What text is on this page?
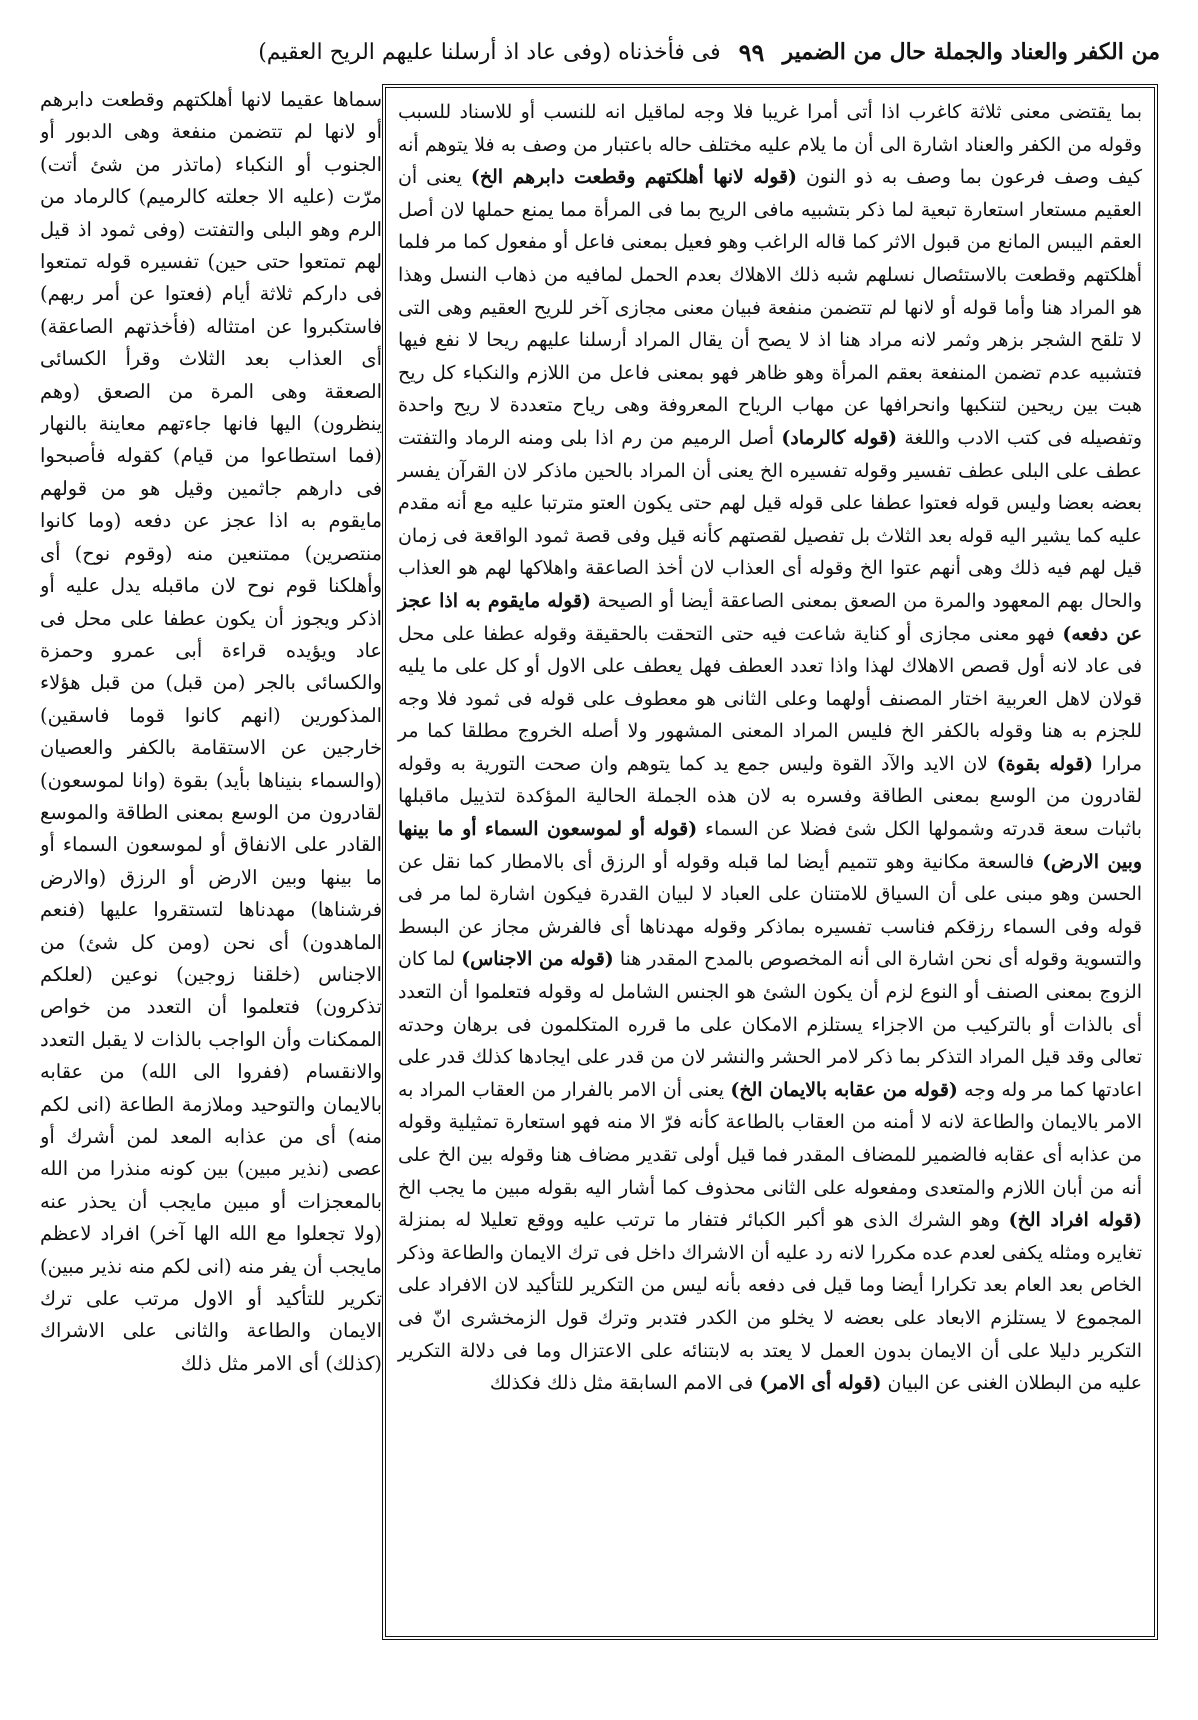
من الكفر والعناد والجملة حال من الضمير
٩٩
فى فأخذناه (وفى عاد اذ أرسلنا عليهم الريح العقيم)

سماها عقيما لانها أهلكتهم وقطعت دابرهم أو لانها لم تتضمن منفعة وهى الدبور أو الجنوب أو النكباء (ماتذر من شئ أتت) مرّت (عليه الا جعلته كالرميم) كالرماد من الرم وهو البلى والتفتت (وفى ثمود اذ قيل لهم تمتعوا حتى حين) تفسيره قوله تمتعوا فى داركم ثلاثة أيام (فعتوا عن أمر ربهم) فاستكبروا عن امتثاله (فأخذتهم الصاعقة) أى العذاب بعد الثلاث وقرأ الكسائى الصعقة وهى المرة من الصعق (وهم ينظرون) اليها فانها جاءتهم معاينة بالنهار (فما استطاعوا من قيام) كقوله فأصبحوا فى دارهم جاثمين وقيل هو من قولهم مايقوم به اذا عجز عن دفعه (وما كانوا منتصرين) ممتنعين منه (وقوم نوح) أى وأهلكنا قوم نوح لان ماقبله يدل عليه أو اذكر ويجوز أن يكون عطفا على محل فى عاد ويؤيده قراءة أبى عمرو وحمزة والكسائى بالجر (من قبل) من قبل هؤلاء المذكورين (انهم كانوا قوما فاسقين) خارجين عن الاستقامة بالكفر والعصيان (والسماء بنيناها بأيد) بقوة (وانا لموسعون) لقادرون من الوسع بمعنى الطاقة والموسع القادر على الانفاق أو لموسعون السماء أو ما بينها وبين الارض أو الرزق (والارض فرشناها) مهدناها لتستقروا عليها (فنعم الماهدون) أى نحن (ومن كل شئ) من الاجناس (خلقنا زوجين) نوعين (لعلكم تذكرون) فتعلموا أن التعدد من خواص الممكنات وأن الواجب بالذات لا يقبل التعدد والانقسام (ففروا الى الله) من عقابه بالايمان والتوحيد وملازمة الطاعة (انى لكم منه) أى من عذابه المعد لمن أشرك أو عصى (نذير مبين) بين كونه منذرا من الله بالمعجزات أو مبين مايجب أن يحذر عنه (ولا تجعلوا مع الله الها آخر) افراد لاعظم مايجب أن يفر منه (انى لكم منه نذير مبين) تكرير للتأكيد أو الاول مرتب على ترك الايمان والطاعة والثانى على الاشراك (كذلك) أى الامر مثل ذلك

بما يقتضى معنى ثلاثة كاغرب اذا أتى أمرا غريبا فلا وجه لماقيل انه للنسب أو للاسناد للسبب وقوله من الكفر والعناد اشارة الى أن ما يلام عليه مختلف حاله باعتبار من وصف به فلا يتوهم أنه كيف وصف فرعون بما وصف به ذو النون (قوله لانها أهلكتهم وقطعت دابرهم الخ) يعنى أن العقيم مستعار استعارة تبعية لما ذكر بتشبيه مافى الريح بما فى المرأة مما يمنع حملها لان أصل العقم اليبس المانع من قبول الاثر كما قاله الراغب وهو فعيل بمعنى فاعل أو مفعول كما مر فلما أهلكتهم وقطعت بالاستئصال نسلهم شبه ذلك الاهلاك بعدم الحمل لمافيه من ذهاب النسل وهذا هو المراد هنا وأما قوله أو لانها لم تتضمن منفعة فبيان معنى مجازى آخر للريح العقيم وهى التى لا تلقح الشجر بزهر وثمر لانه مراد هنا اذ لا يصح أن يقال المراد أرسلنا عليهم ريحا لا نفع فيها فتشبيه عدم تضمن المنفعة بعقم المرأة وهو ظاهر فهو بمعنى فاعل من اللازم والنكباء كل ريح هبت بين ريحين لتنكبها وانحرافها عن مهاب الرياح المعروفة وهى رياح متعددة لا ريح واحدة وتفصيله فى كتب الادب واللغة (قوله كالرماد) أصل الرميم من رم اذا بلى ومنه الرماد والتفتت عطف على البلى عطف تفسير وقوله تفسيره الخ يعنى أن المراد بالحين ماذكر لان القرآن يفسر بعضه بعضا وليس قوله فعتوا عطفا على قوله قيل لهم حتى يكون العتو مترتبا عليه مع أنه مقدم عليه كما يشير اليه قوله بعد الثلاث بل تفصيل لقصتهم كأنه قيل وفى قصة ثمود الواقعة فى زمان قيل لهم فيه ذلك وهى أنهم عتوا الخ وقوله أى العذاب لان أخذ الصاعقة واهلاكها لهم هو العذاب والحال بهم المعهود والمرة من الصعق بمعنى الصاعقة أيضا أو الصيحة (قوله مايقوم به اذا عجز عن دفعه) فهو معنى مجازى أو كناية شاعت فيه حتى التحقت بالحقيقة وقوله عطفا على محل فى عاد لانه أول قصص الاهلاك لهذا واذا تعدد العطف فهل يعطف على الاول أو كل على ما يليه قولان لاهل العربية اختار المصنف أولهما وعلى الثانى هو معطوف على قوله فى ثمود فلا وجه للجزم به هنا وقوله بالكفر الخ فليس المراد المعنى المشهور ولا أصله الخروج مطلقا كما مر مرارا (قوله بقوة) لان الايد والآد القوة وليس جمع يد كما يتوهم وان صحت التورية به وقوله لقادرون من الوسع بمعنى الطاقة وفسره به لان هذه الجملة الحالية المؤكدة لتذييل ماقبلها باثبات سعة قدرته وشمولها الكل شئ فضلا عن السماء (قوله أو لموسعون السماء أو ما بينها وبين الارض) فالسعة مكانية وهو تتميم أيضا لما قبله وقوله أو الرزق أى بالامطار كما نقل عن الحسن وهو مبنى على أن السياق للامتنان على العباد لا لبيان القدرة فيكون اشارة لما مر فى قوله وفى السماء رزقكم فناسب تفسيره بماذكر وقوله مهدناها أى فالفرش مجاز عن البسط والتسوية وقوله أى نحن اشارة الى أنه المخصوص بالمدح المقدر هنا (قوله من الاجناس) لما كان الزوج بمعنى الصنف أو النوع لزم أن يكون الشئ هو الجنس الشامل له وقوله فتعلموا أن التعدد أى بالذات أو بالتركيب من الاجزاء يستلزم الامكان على ما قرره المتكلمون فى برهان وحدته تعالى وقد قيل المراد التذكر بما ذكر لامر الحشر والنشر لان من قدر على ايجادها كذلك قدر على اعادتها كما مر وله وجه (قوله من عقابه بالايمان الخ) يعنى أن الامر بالفرار من العقاب المراد به الامر بالايمان والطاعة لانه لا أمنه من العقاب بالطاعة كأنه فرّ الا منه فهو استعارة تمثيلية وقوله من عذابه أى عقابه فالضمير للمضاف المقدر فما قيل أولى تقدير مضاف هنا وقوله بين الخ على أنه من أبان اللازم والمتعدى ومفعوله على الثانى محذوف كما أشار اليه بقوله مبين ما يجب الخ (قوله افراد الخ) وهو الشرك الذى هو أكبر الكبائر فتفار ما ترتب عليه ووقع تعليلا له بمنزلة تغايره ومثله يكفى لعدم عده مكررا لانه رد عليه أن الاشراك داخل فى ترك الايمان والطاعة وذكر الخاص بعد العام بعد تكرارا أيضا وما قيل فى دفعه بأنه ليس من التكرير للتأكيد لان الافراد على المجموع لا يستلزم الابعاد على بعضه لا يخلو من الكدر فتدبر وترك قول الزمخشرى انّ فى التكرير دليلا على أن الايمان بدون العمل لا يعتد به لابتنائه على الاعتزال وما فى دلالة التكرير عليه من البطلان الغنى عن البيان (قوله أى الامر) فى الامم السابقة مثل ذلك فكذلك
